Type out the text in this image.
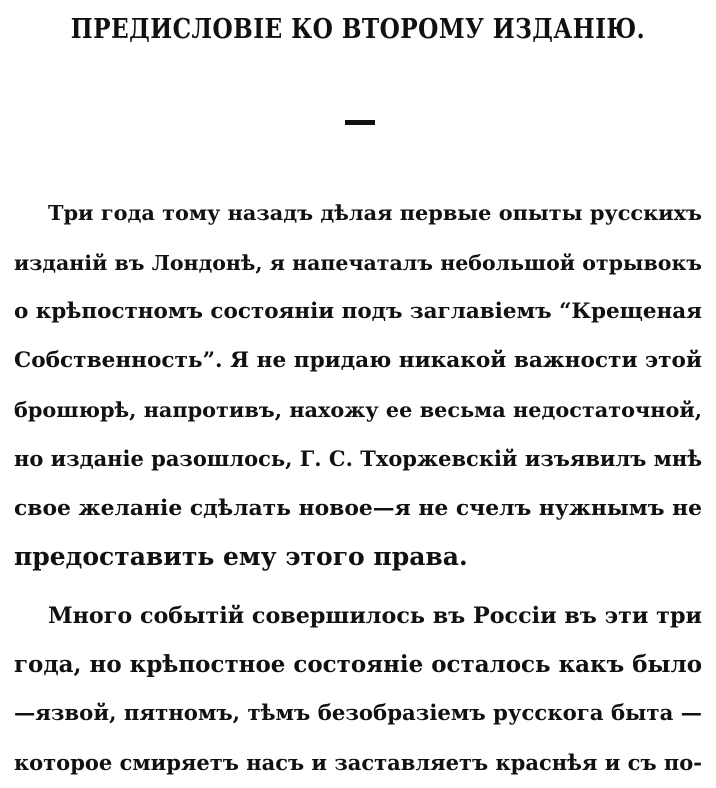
ПРЕДИСЛОВІЕ КО ВТОРОМУ ИЗДАНІЮ.
Три года тому назадъ дѣлая первые опыты русскихъ
изданій въ Лондонѣ, я напечаталъ небольшой отрывокъ
о крѣпостномъ состояніи подъ заглавіемъ “Крещеная
Собственность”. Я не придаю никакой важности этой
брошюрѣ, напротивъ, нахожу ее весьма недостаточной,
но изданіе разошлось, Г. С. Тхоржевскій изъявилъ мнѣ
свое желаніе сдѣлать новое—я не счелъ нужнымъ не
предоставить ему этого права.
Много событій совершилось въ Россіи въ эти три
года, но крѣпостное состояніе осталось какъ было
—язвой, пятномъ, тѣмъ безобразіемъ русскога быта —
которое смиряетъ насъ и заставляетъ краснѣя и съ по-
